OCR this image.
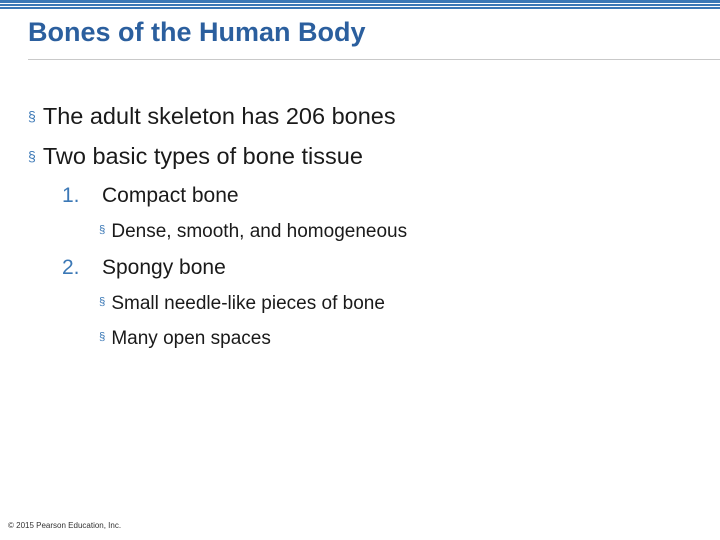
Bones of the Human Body
§ The adult skeleton has 206 bones
§ Two basic types of bone tissue
1. Compact bone
§ Dense, smooth, and homogeneous
2. Spongy bone
§ Small needle-like pieces of bone
§ Many open spaces
© 2015 Pearson Education, Inc.
